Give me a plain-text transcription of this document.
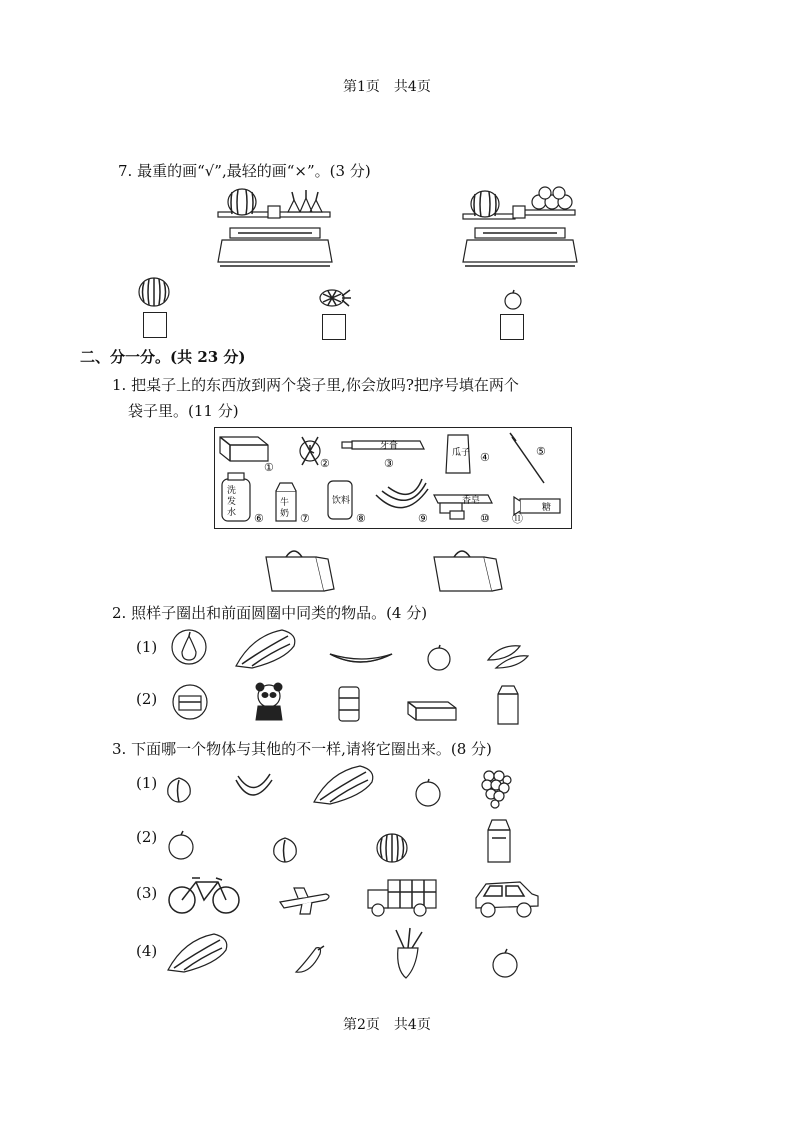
第1页　共4页
7. 最重的画“√”,最轻的画“×”。(3 分)
二、分一分。(共 23 分)
1. 把桌子上的东西放到两个袋子里,你会放吗?把序号填在两个
袋子里。(11 分)
①	②
牙膏
③
瓜子 ④	⑤
洗
发
水 ⑥
牛
奶 ⑦
饮料
⑧	⑨
香皂
⑩
糖
⑪
2. 照样子圈出和前面圆圈中同类的物品。(4 分)
(1)
(2)
3. 下面哪一个物体与其他的不一样,请将它圈出来。(8 分)
(1)
(2)
(3)
(4)
第2页　共4页
